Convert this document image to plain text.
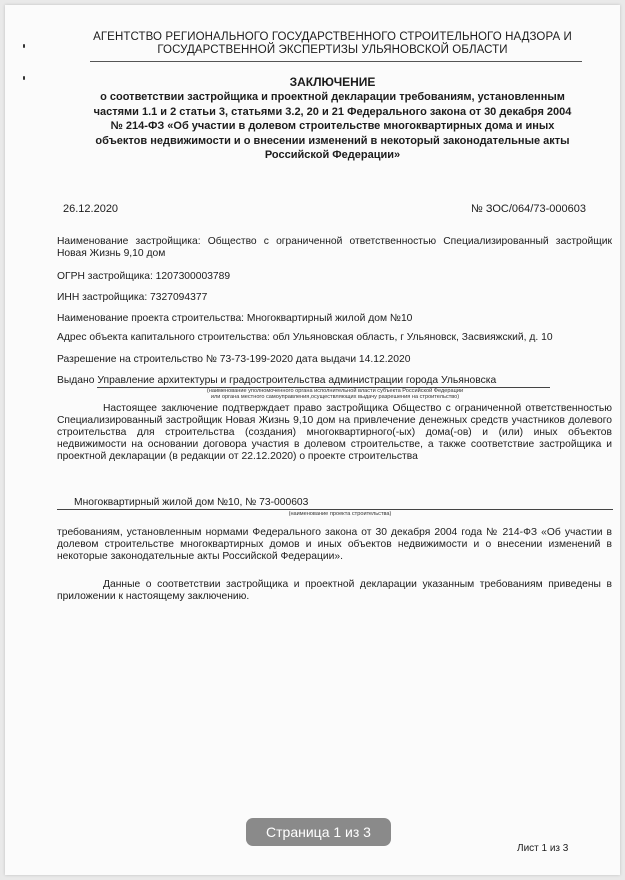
АГЕНТСТВО РЕГИОНАЛЬНОГО ГОСУДАРСТВЕННОГО СТРОИТЕЛЬНОГО НАДЗОРА И ГОСУДАРСТВЕННОЙ ЭКСПЕРТИЗЫ УЛЬЯНОВСКОЙ ОБЛАСТИ
ЗАКЛЮЧЕНИЕ
о соответствии застройщика и проектной декларации требованиям, установленным частями 1.1 и 2 статьи 3, статьями 3.2, 20 и 21 Федерального закона от 30 декабря 2004 № 214-ФЗ «Об участии в долевом строительстве многоквартирных дома и иных объектов недвижимости и о внесении изменений в некоторый законодательные акты Российской Федерации»
26.12.2020	№ ЗОС/064/73-000603
Наименование застройщика: Общество с ограниченной ответственностью Специализированный застройщик Новая Жизнь 9,10 дом
ОГРН застройщика: 1207300003789
ИНН застройщика: 7327094377
Наименование проекта строительства: Многоквартирный жилой дом №10
Адрес объекта капитального строительства: обл Ульяновская область, г Ульяновск, Засвияжский, д. 10
Разрешение на строительство № 73-73-199-2020 дата выдачи 14.12.2020
Выдано Управление архитектуры и градостроительства администрации города Ульяновска
(наименование уполномоченного органа исполнительной власти субъекта Российской Федерации
или органа местного самоуправления,осуществляющих выдачу разрешения на строительство)
Настоящее заключение подтверждает право застройщика Общество с ограниченной ответственностью Специализированный застройщик Новая Жизнь 9,10 дом на привлечение денежных средств участников долевого строительства для строительства (создания) многоквартирного(-ых) дома(-ов) и (или) иных объектов недвижимости на основании договора участия в долевом строительстве, а также соответствие застройщика и проектной декларации (в редакции от 22.12.2020) о проекте строительства
Многоквартирный жилой дом №10, № 73-000603
(наименование проекта строительства)
требованиям, установленным нормами Федерального закона от 30 декабря 2004 года № 214-ФЗ «Об участии в долевом строительстве многоквартирных домов и иных объектов недвижимости и о внесении изменений в некоторые законодательные акты Российской Федерации».
Данные о соответствии застройщика и проектной декларации указанным требованиям приведены в приложении к настоящему заключению.
Страница 1 из 3
Лист 1 из 3
